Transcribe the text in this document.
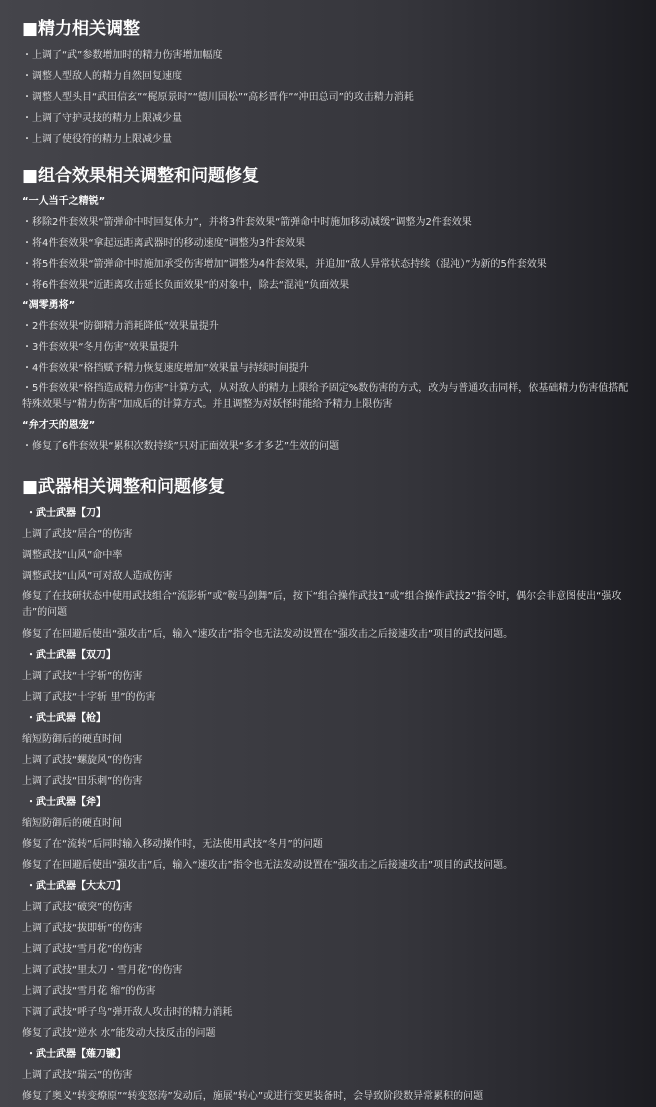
■精力相关调整
・ 上调了“武”参数增加时的精力伤害增加幅度
・ 调整人型敌人的精力自然回复速度
・ 调整人型头目“武田信玄”“梶原景时”“德川国松”“高杉晋作”“冲田总司”的攻击精力消耗
・ 上调了守护灵技的精力上限减少量
・ 上调了使役符的精力上限减少量
■组合效果相关调整和问题修复
“一人当千之精锐”
・ 移除2件套效果“箭弹命中时回复体力”，并将3件套效果“箭弹命中时施加移动减缓”调整为2件套效果
・ 将4件套效果“拿起远距离武器时的移动速度”调整为3件套效果
・ 将5件套效果“箭弹命中时施加承受伤害增加”调整为4件套效果，并追加“敌人异常状态持续（混沌）”为新的5件套效果
・ 将6件套效果“近距离攻击延长负面效果”的对象中，除去“混沌”负面效果
“凋零勇将”
・ 2件套效果“防御精力消耗降低”效果量提升
・ 3件套效果“冬月伤害”效果量提升
・ 4件套效果“格挡赋予精力恢复速度增加”效果量与持续时间提升
・ 5件套效果“格挡造成精力伤害”计算方式，从对敌人的精力上限给予固定%数伤害的方式，改为与普通攻击同样，依基础精力伤害值搭配特殊效果与“精力伤害”加成后的计算方式。并且调整为对妖怪时能给予精力上限伤害
“弁才天的恩宠”
・ 修复了6件套效果“累积次数持续”只对正面效果“多才多艺”生效的问题
■武器相关调整和问题修复
・武士武器【刀】
上调了武技“居合”的伤害
调整武技“山风”命中率
调整武技“山风”可对敌人造成伤害
修复了在技研状态中使用武技组合“流影斩”或“鞍马剑舞”后，按下“组合操作武技1”或“组合操作武技2”指令时，偶尔会非意图使出“强攻击”的问题
修复了在回避后使出“强攻击”后，输入“速攻击”指令也无法发动设置在“强攻击之后接速攻击”项目的武技问题。
・武士武器【双刀】
上调了武技“十字斩”的伤害
上调了武技“十字斩 里”的伤害
・武士武器【枪】
缩短防御后的硬直时间
上调了武技“螺旋风”的伤害
上调了武技“田乐刺”的伤害
・武士武器【斧】
缩短防御后的硬直时间
修复了在“流转”后同时输入移动操作时，无法使用武技“冬月”的问题
修复了在回避后使出“强攻击”后，输入“速攻击”指令也无法发动设置在“强攻击之后接速攻击”项目的武技问题。
・武士武器【大太刀】
上调了武技“破突”的伤害
上调了武技“拔即斩”的伤害
上调了武技“雪月花”的伤害
上调了武技“里太刀・雪月花”的伤害
上调了武技“雪月花 缩”的伤害
下调了武技“呼子鸟”弹开敌人攻击时的精力消耗
修复了武技“逆水 水”能发动大技反击的问题
・武士武器【薙刀镰】
上调了武技“瑞云”的伤害
修复了奥义“转变燎原”“转变怒涛”发动后，施展“转心”或进行变更装备时，会导致阶段数异常累积的问题
